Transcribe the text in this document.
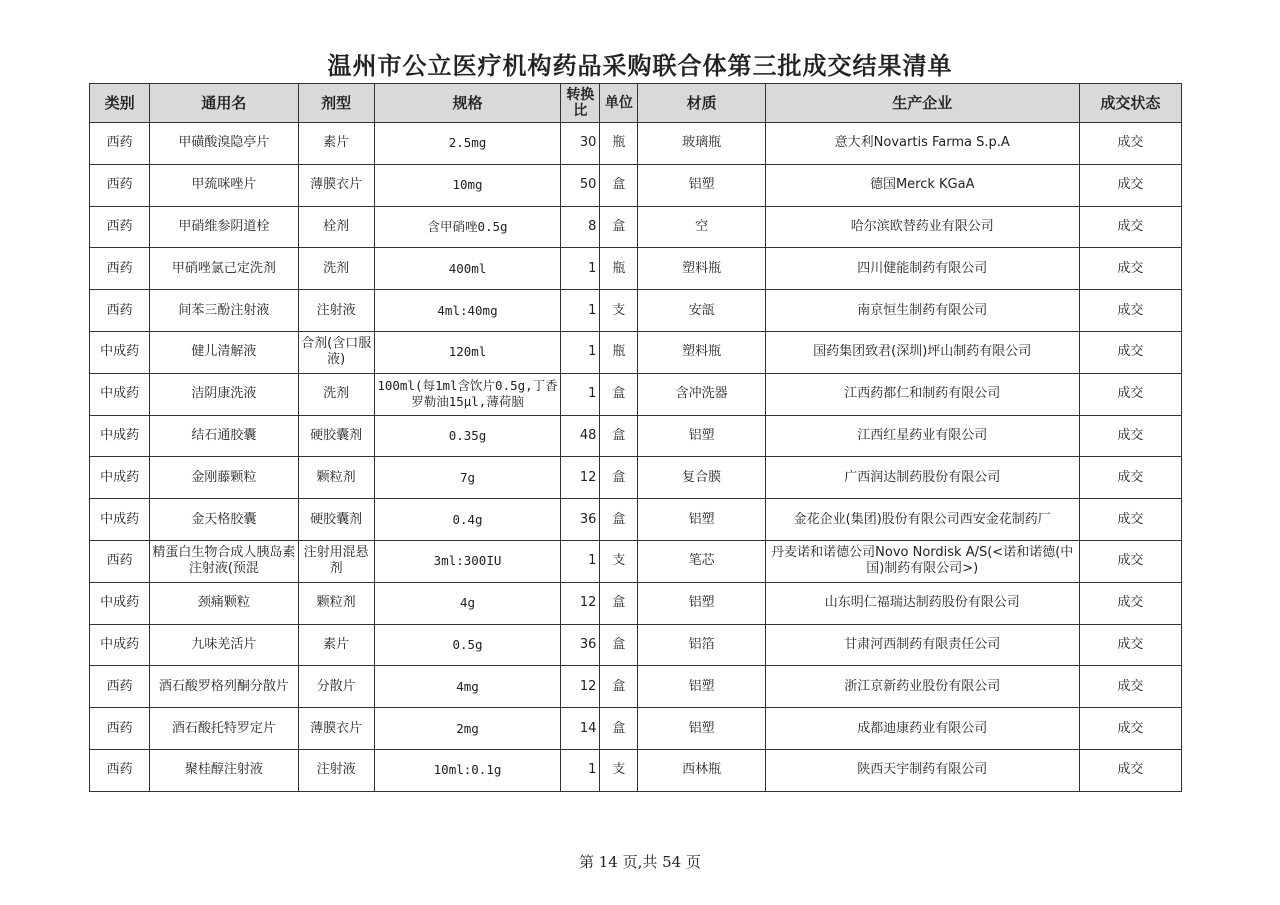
温州市公立医疗机构药品采购联合体第三批成交结果清单
类别	通用名	剂型	规格	转换比	单位	材质	生产企业	成交状态
西药	甲磺酸溴隐亭片	素片	2.5mg	30	瓶	玻璃瓶	意大利Novartis Farma S.p.A	成交
西药	甲巯咪唑片	薄膜衣片	10mg	50	盒	铝塑	德国Merck KGaA	成交
西药	甲硝维参阴道栓	栓剂	含甲硝唑0.5g	8	盒	空	哈尔滨欧替药业有限公司	成交
西药	甲硝唑氯己定洗剂	洗剂	400ml	1	瓶	塑料瓶	四川健能制药有限公司	成交
西药	间苯三酚注射液	注射液	4ml:40mg	1	支	安瓿	南京恒生制药有限公司	成交
中成药	健儿清解液	合剂(含口服液)	120ml	1	瓶	塑料瓶	国药集团致君(深圳)坪山制药有限公司	成交
中成药	洁阴康洗液	洗剂	100ml(每1ml含饮片0.5g,丁香罗勒油15μl,薄荷脑	1	盒	含冲洗器	江西药都仁和制药有限公司	成交
中成药	结石通胶囊	硬胶囊剂	0.35g	48	盒	铝塑	江西红星药业有限公司	成交
中成药	金刚藤颗粒	颗粒剂	7g	12	盒	复合膜	广西润达制药股份有限公司	成交
中成药	金天格胶囊	硬胶囊剂	0.4g	36	盒	铝塑	金花企业(集团)股份有限公司西安金花制药厂	成交
西药	精蛋白生物合成人胰岛素注射液(预混	注射用混悬剂	3ml:300IU	1	支	笔芯	丹麦诺和诺德公司Novo Nordisk A/S(<诺和诺德(中国)制药有限公司>)	成交
中成药	颈痛颗粒	颗粒剂	4g	12	盒	铝塑	山东明仁福瑞达制药股份有限公司	成交
中成药	九味羌活片	素片	0.5g	36	盒	铝箔	甘肃河西制药有限责任公司	成交
西药	酒石酸罗格列酮分散片	分散片	4mg	12	盒	铝塑	浙江京新药业股份有限公司	成交
西药	酒石酸托特罗定片	薄膜衣片	2mg	14	盒	铝塑	成都迪康药业有限公司	成交
西药	聚桂醇注射液	注射液	10ml:0.1g	1	支	西林瓶	陕西天宇制药有限公司	成交
第 14 页,共 54 页
